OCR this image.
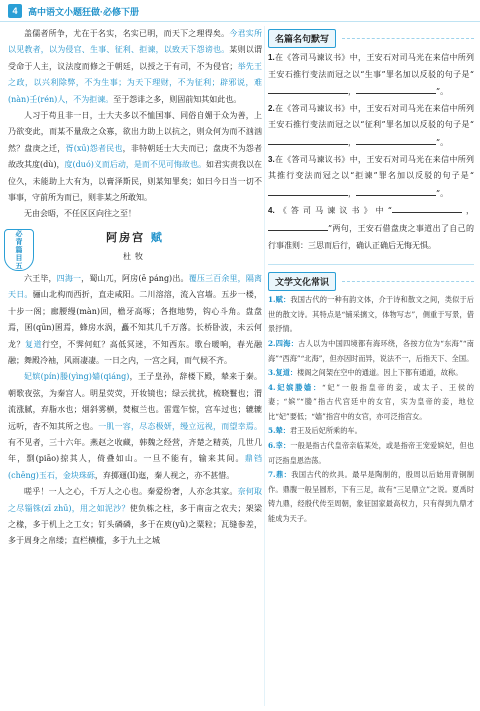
4	高中语文小题狂做·必修下册

盖儒者所争，尤在于名实，名实已明，而天下之理得矣。今君实所以见教者，以为侵官、生事、征利、拒谏，以致天下怨谤也。某则以谓受命于人主，议法度而修之于朝廷，以授之于有司，不为侵官；举先王之政，以兴利除弊，不为生事；为天下理财，不为征利；辟邪说，难(nàn)壬(rén)人，不为拒谏。至于怨诽之多，则固前知其如此也。

人习于苟且非一日，士大夫多以不恤国事、同俗自媚于众为善，上乃欲变此，而某不量敌之众寡，欲出力助上以抗之，则众何为而不汹汹然？盘庚之迁，胥(xū)怨者民也，非特朝廷士大夫而已；盘庚不为怨者故改其度(dù)，度(duó)义而后动，是而不见可悔故也。如君实责我以在位久，未能助上大有为，以膏泽斯民，则某知罪矣；如曰今日当一切不事事，守前所为而已，则非某之所敢知。

无由会晤，不任区区向往之至！

必
背
篇
目
五
阿房宫 赋
杜牧

六王毕，四海一，蜀山兀，阿房(ē páng)出。覆压三百余里，隔离天日。骊山北构而西折，直走咸阳。二川溶溶，流入宫墙。五步一楼，十步一阁；廊腰缦(màn)回，檐牙高啄；各抱地势，钩心斗角。盘盘焉，囷(qūn)囷焉，蜂房水涡，矗不知其几千万落。长桥卧波，未云何龙？复道行空，不霁何虹？高低冥迷，不知西东。歌台暖响，春光融融；舞殿冷袖，风雨凄凄。一日之内，一宫之间，而气候不齐。

妃嫔(pín)媵(yìng)嫱(qiáng)，王子皇孙，辞楼下殿，辇来于秦。朝歌夜弦，为秦宫人。明星荧荧，开妆镜也；绿云扰扰，梳晓鬟也；渭流涨腻，弃脂水也；烟斜雾横，焚椒兰也。雷霆乍惊，宫车过也；辘辘远听，杳不知其所之也。一肌一容，尽态极妍，缦立远视，而望幸焉。有不见者，三十六年。燕赵之收藏，韩魏之经营，齐楚之精英，几世几年，剽(piāo)掠其人，倚叠如山。一旦不能有，输来其间。鼎铛(chēng)玉石，金块珠砾，弃掷逦(lǐ)迤，秦人视之，亦不甚惜。

嗟乎！一人之心，千万人之心也。秦爱纷奢，人亦念其家。奈何取之尽锱铢(zī zhū)，用之如泥沙？使负栋之柱，多于南亩之农夫；架梁之椽，多于机上之工女；钉头磷磷，多于在庾(yǔ)之粟粒；瓦缝参差，多于周身之帛缕；直栏横槛，多于九土之城

名篇名句默写

1.在《答司马谏议书》中，王安石对司马光在来信中所列王安石推行变法而冠之以“生事”罪名加以反驳的句子是“，	”。

2.在《答司马谏议书》中，王安石对司马光在来信中所列王安石推行变法而冠之以“征利”罪名加以反驳的句子是“，	”。

3.在《答司马谏议书》中，王安石对司马光在来信中所列其推行变法而冠之以“拒谏”罪名加以反驳的句子是“，	”。

4.《答司马谏议书》中“	，”两句，王安石借盘庚之事道出了自己的行事准则：三思而后行，确认正确后无悔无惧。

文学文化常识

1.赋：我国古代的一种有韵文体，介于诗和散文之间，类似于后世的散文诗。其特点是“铺采摛文，体物写志”，侧重于写景，借景抒情。

2.四海：古人以为中国四境都有海环绕，各按方位为“东海”“南海”“西海”“北海”，但亦因时而异，说法不一，后指天下、全国。

3.复道：楼阁之间架在空中的通道。因上下都有通道，故称。

4.妃嫔媵嫱：“妃”一般指皇帝的妾，或太子、王侯的妻；“嫔”“媵”指古代宫廷中的女官，实为皇帝的妾，地位比“妃”要低；“嫱”指宫中的女官，亦可泛指宫女。

5.辇：君王及后妃所乘的车。

6.幸：一般是指古代皇帝亲临某处，或是指帝王宠爱嫔妃，但也可泛指皇恩浩荡。

7.鼎：我国古代的炊具。最早是陶制的，殷周以后始用青铜制作。鼎腹一般呈圆形，下有三足，故有“三足鼎立”之说。夏禹时铸九鼎，经殷代传至周朝，象征国家最高权力，只有得到九鼎才能成为天子。
